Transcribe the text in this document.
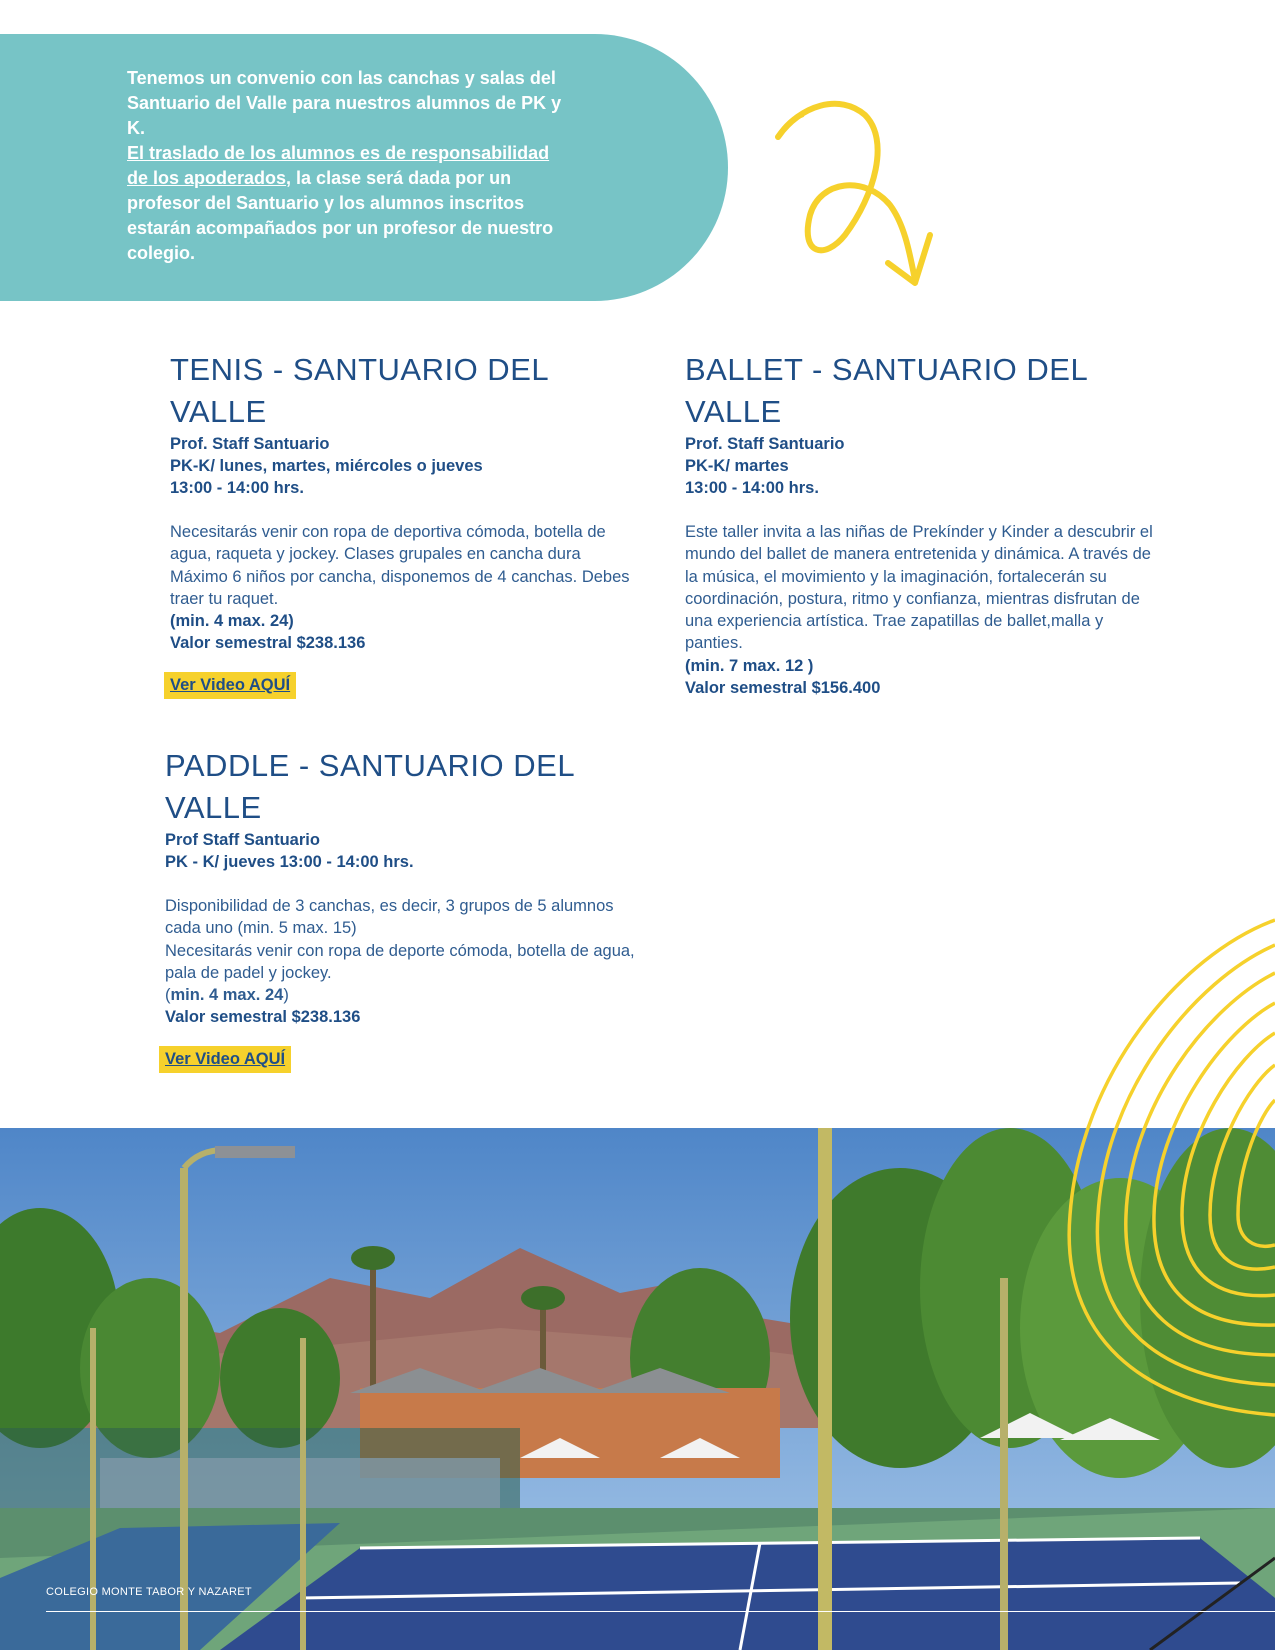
Tenemos un convenio con las canchas y salas del Santuario del Valle para nuestros alumnos de PK y K.
El traslado de los alumnos es de responsabilidad de los apoderados, la clase será dada por un profesor del Santuario y los alumnos inscritos estarán acompañados por un profesor de nuestro colegio.
TENIS - SANTUARIO DEL VALLE
Prof. Staff Santuario
PK-K/ lunes, martes, miércoles o jueves
13:00 - 14:00 hrs.
Necesitarás venir con ropa de deportiva cómoda, botella de agua, raqueta y jockey. Clases grupales en cancha dura Máximo 6 niños por cancha, disponemos de 4 canchas. Debes traer tu raquet.
(min. 4 max. 24)
Valor semestral $238.136
Ver Video AQUÍ
BALLET - SANTUARIO DEL VALLE
Prof. Staff Santuario
PK-K/ martes
13:00 - 14:00 hrs.
Este taller invita a las niñas de Prekínder y Kinder a descubrir el mundo del ballet de manera entretenida y dinámica. A través de la música, el movimiento y la imaginación, fortalecerán su coordinación, postura, ritmo y confianza, mientras disfrutan de una experiencia artística. Trae zapatillas de ballet,malla y panties.
(min. 7 max. 12 )
Valor semestral $156.400
PADDLE - SANTUARIO DEL VALLE
Prof Staff Santuario
PK - K/ jueves 13:00 - 14:00 hrs.
Disponibilidad de 3 canchas, es decir, 3 grupos de 5 alumnos cada uno (min. 5 max. 15)
Necesitarás venir con ropa de deporte cómoda, botella de agua, pala de padel y jockey.
(min. 4 max. 24)
Valor semestral $238.136
Ver Video AQUÍ
COLEGIO MONTE TABOR Y NAZARET
